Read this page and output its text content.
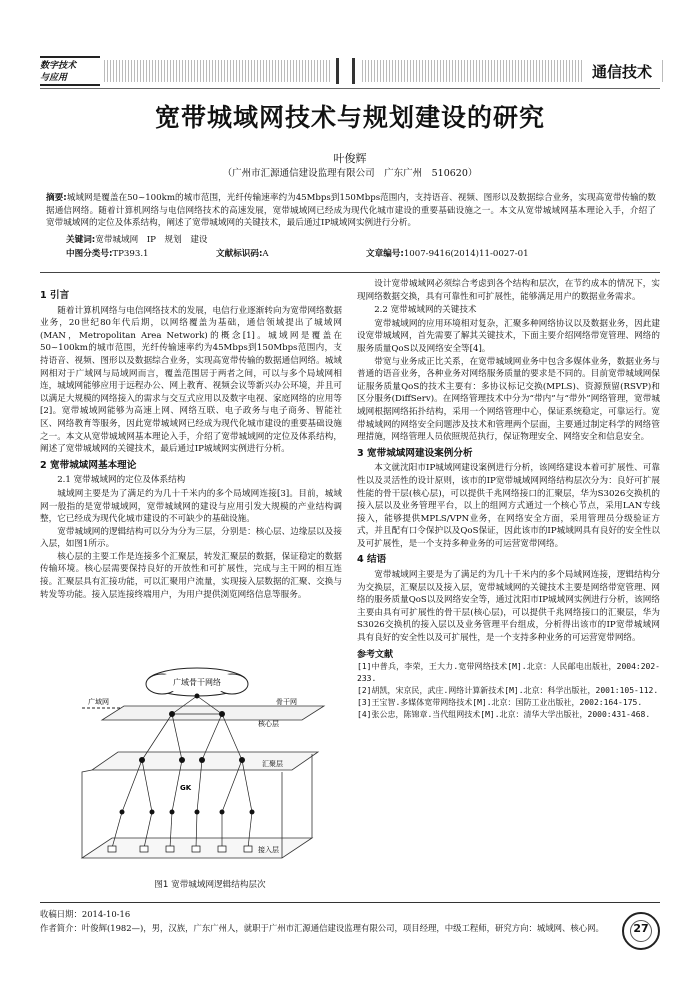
数字技术
与应用	通信技术
宽带城域网技术与规划建设的研究
叶俊辉
（广州市汇源通信建设监理有限公司　广东广州　510620）
摘要:城域网是覆盖在50~100km的城市范围，光纤传输速率约为45Mbps到150Mbps范围内，支持语音、视频、图形以及数据综合业务，实现高宽带传输的数据通信网络。随着计算机网络与电信网络技术的高速发展，宽带城域网已经成为现代化城市建设的重要基础设施之一。本文从宽带城域网基本理论入手，介绍了宽带城域网的定位及体系结构，阐述了宽带城域网的关键技术，最后通过IP城域网实例进行分析。
关键词:宽带城域网　IP　规划　建设
中图分类号:TP393.1	文献标识码:A	文章编号:1007-9416(2014)11-0027-01
1 引言

随着计算机网络与电信网络技术的发展，电信行业逐渐转向为宽带网络数据业务，20世纪80年代后期，以网络覆盖为基础，通信领域提出了城域网(MAN，Metropolitan Area Network)的概念[1]。城域网是覆盖在50~100km的城市范围，光纤传输速率约为45Mbps到150Mbps范围内，支持语音、视频、图形以及数据综合业务，实现高宽带传输的数据通信网络。城域网相对于广域网与局域网而言，覆盖范围居于两者之间，可以与多个局域网相连，城域网能够应用于远程办公、网上教育、视频会议等新兴办公环境，并且可以满足大规模的网络接入的需求与交互式应用以及数字电视、家庭网络的应用等[2]。宽带城域网能够为高速上网、网络互联、电子政务与电子商务、智能社区、网络教育等服务，因此宽带城域网已经成为现代化城市建设的重要基础设施之一。本文从宽带城域网基本理论入手，介绍了宽带城域网的定位及体系结构，阐述了宽带城域网的关键技术，最后通过IP城域网实例进行分析。

2 宽带城域网基本理论
2.1 宽带城域网的定位及体系结构

城域网主要是为了满足约为几十千米内的多个局域网连接[3]。目前，城域网一般指的是宽带城域网，宽带城域网的建设与应用引发大规模的产业结构调整，它已经成为现代化城市建设的不可缺少的基础设施。

宽带城域网的逻辑结构可以分为分为三层，分别是：核心层、边缘层以及接入层，如图1所示。

核心层的主要工作是连接多个汇聚层，转发汇聚层的数据，保证稳定的数据传输环境。核心层需要保持良好的开放性和可扩展性，完成与主干网的相互连接。汇聚层具有汇接功能，可以汇聚用户流量，实现接入层数据的汇聚、交换与转发等功能。接入层连接终端用户，为用户提供浏览网络信息等服务。

广域骨干网络
广域网	骨干网
核心层
汇聚层
接入层
GK
图1 宽带城域网逻辑结构层次

设计宽带城域网必须综合考虑到各个结构和层次，在节约成本的情况下，实现网络数据交换，具有可靠性和可扩展性，能够满足用户的数据业务需求。

2.2 宽带城域网的关键技术

宽带城域网的应用环境相对复杂，汇聚多种网络协议以及数据业务，因此建设宽带城域网，首先需要了解其关键技术，下面主要介绍网络带宽管理、网络的服务质量QoS以及网络安全等[4]。

带宽与业务成正比关系，在宽带城域网业务中包含多媒体业务，数据业务与普通的语音业务，各种业务对网络服务质量的要求是不同的。目前宽带城域网保证服务质量QoS的技术主要有：多协议标记交换(MPLS)、资源预留(RSVP)和区分服务(DiffServ)。在网络管理技术中分为“带内”与“带外”网络管理，宽带城域网根据网络拓扑结构，采用一个网络管理中心，保证系统稳定，可靠运行。宽带城域网的网络安全问题涉及技术和管理两个层面，主要通过制定科学的网络管理措施，网络管理人员依照规范执行，保证物理安全、网络安全和信息安全。

3 宽带城域网建设案例分析

本文就沈阳市IP城域网建设案例进行分析，该网络建设本着可扩展性、可靠性以及灵活性的设计原则，该市的IP宽带城域网网络结构层次分为：良好可扩展性能的骨干层(核心层)，可以提供千兆网络接口的汇聚层，华为S3026交换机的接入层以及业务管理平台，以上的组网方式通过一个核心节点，采用LAN专线接入，能够提供MPLS/VPN业务，在网络安全方面，采用管理员分级验证方式，并且配有口令保护以及QoS保证，因此该市的IP城域网具有良好的安全性以及可扩展性，是一个支持多种业务的可运营宽带网络。

4 结语

宽带城域网主要是为了满足约为几十千米内的多个局域网连接，逻辑结构分为交换层，汇聚层以及接入层，宽带城域网的关键技术主要是网络带宽管理、网络的服务质量QoS以及网络安全等，通过沈阳市IP城域网实例进行分析，该网络主要由具有可扩展性的骨干层(核心层)，可以提供千兆网络接口的汇聚层，华为S3026交换机的接入层以及业务管理平台组成，分析得出该市的IP宽带城域网具有良好的安全性以及可扩展性，是一个支持多种业务的可运营宽带网络。

参考文献
[1]中普兵，李荣，王大力.宽带网络技术[M].北京：人民邮电出版社，2004:202-233.
[2]胡凯，宋京民，武庄.网络计算新技术[M].北京：科学出版社，2001:105-112.
[3]王宝智.多媒体宽带网络技术[M].北京：国防工业出版社，2002:164-175.
[4]张公忠，陈锦章.当代组网技术[M].北京：清华大学出版社，2000:431-468.
收稿日期：2014-10-16
作者简介：叶俊辉(1982—)，男，汉族，广东广州人，就职于广州市汇源通信建设监理有限公司，项目经理，中级工程师，研究方向：城域网、核心网。	27
